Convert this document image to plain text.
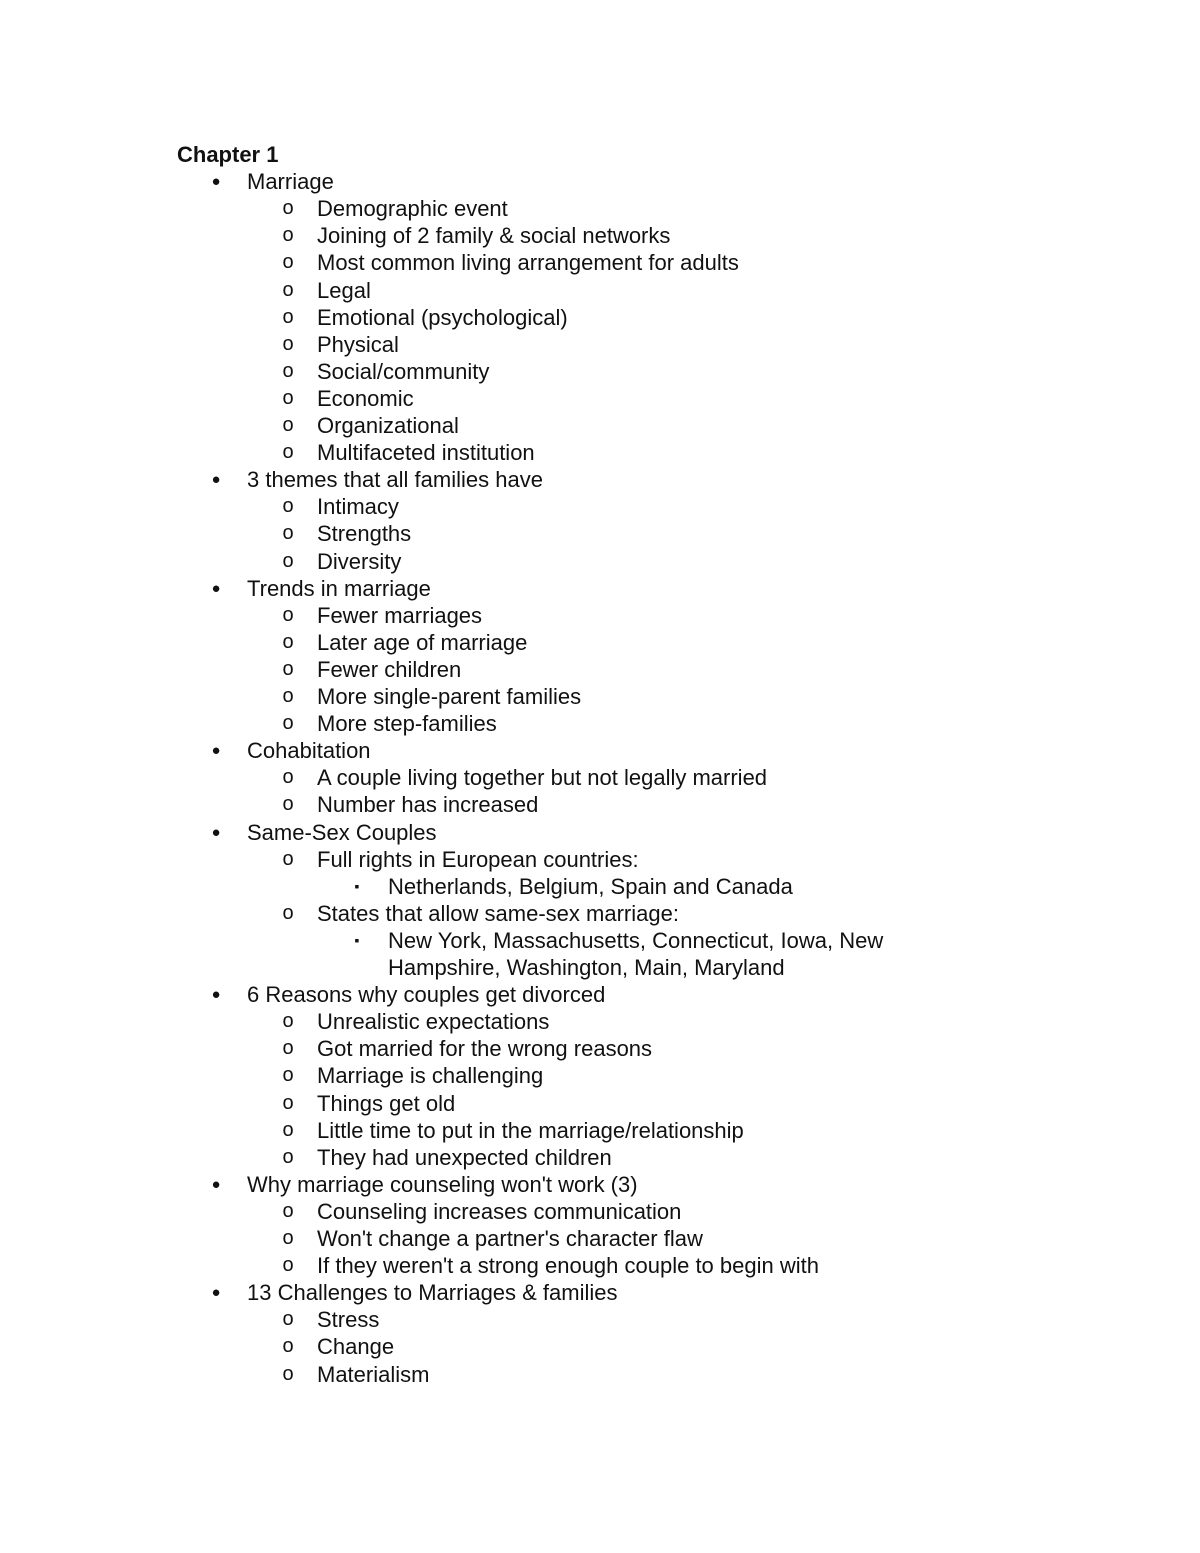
Chapter 1
● Marriage
o Demographic event
o Joining of 2 family & social networks
o Most common living arrangement for adults
o Legal
o Emotional (psychological)
o Physical
o Social/community
o Economic
o Organizational
o Multifaceted institution
● 3 themes that all families have
o Intimacy
o Strengths
o Diversity
● Trends in marriage
o Fewer marriages
o Later age of marriage
o Fewer children
o More single-parent families
o More step-families
● Cohabitation
o A couple living together but not legally married
o Number has increased
● Same-Sex Couples
o Full rights in European countries:
▪	Netherlands, Belgium, Spain and Canada
o States that allow same-sex marriage:
▪	New York, Massachusetts, Connecticut, Iowa, New
Hampshire, Washington, Main, Maryland
● 6 Reasons why couples get divorced
o Unrealistic expectations
o Got married for the wrong reasons
o Marriage is challenging
o Things get old
o Little time to put in the marriage/relationship
o They had unexpected children
● Why marriage counseling won't work (3)
o Counseling increases communication
o Won't change a partner's character flaw
o If they weren't a strong enough couple to begin with
● 13 Challenges to Marriages & families
o Stress
o Change
o Materialism
